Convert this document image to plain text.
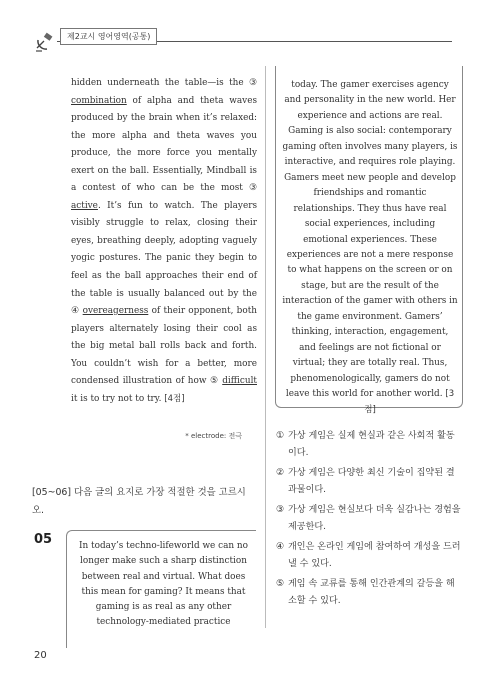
제2교시 영어영역(공통)
hidden underneath the table—is the ③ combination of alpha and theta waves produced by the brain when it’s relaxed: the more alpha and theta waves you produce, the more force you mentally exert on the ball. Essentially, Mindball is a contest of who can be the most ③ active. It’s fun to watch. The players visibly struggle to relax, closing their eyes, breathing deeply, adopting vaguely yogic postures. The panic they begin to feel as the ball approaches their end of the table is usually balanced out by the ④ overeagerness of their opponent, both players alternately losing their cool as the big metal ball rolls back and forth. You couldn’t wish for a better, more condensed illustration of how ⑤ difficult it is to try not to try. [4점]
* electrode: 전극
[05~06] 다음 글의 요지로 가장 적절한 것을 고르시오.
05	In today’s techno-lifeworld we can no longer make such a sharp distinction between real and virtual. What does this mean for gaming? It means that gaming is as real as any other technology-mediated practice
today. The gamer exercises agency and personality in the new world. Her experience and actions are real. Gaming is also social: contemporary gaming often involves many players, is interactive, and requires role playing. Gamers meet new people and develop friendships and romantic relationships. They thus have real social experiences, including emotional experiences. These experiences are not a mere response to what happens on the screen or on stage, but are the result of the interaction of the gamer with others in the game environment. Gamers’ thinking, interaction, engagement, and feelings are not fictional or virtual; they are totally real. Thus, phenomenologically, gamers do not leave this world for another world. [3점]
① 가상 게임은 실제 현실과 같은 사회적 활동이다.
② 가상 게임은 다양한 최신 기술이 집약된 결과물이다.
③ 가상 게임은 현실보다 더욱 실감나는 경험을 제공한다.
④ 개인은 온라인 게임에 참여하여 개성을 드러낼 수 있다.
⑤ 게임 속 교류를 통해 인간관계의 갈등을 해소할 수 있다.
20
